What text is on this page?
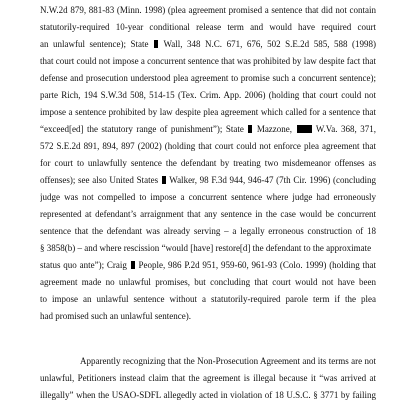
N.W.2d 879, 881-83 (Minn. 1998) (plea agreement promised a sentence that did not contain
statutorily-required 10-year conditional release term and would have required court
an unlawful sentence); State  Wall, 348 N.C. 671, 676, 502 S.E.2d 585, 588 (1998)
that court could not impose a concurrent sentence that was prohibited by law despite fact that
defense and prosecution understood plea agreement to promise such a concurrent sentence);
parte Rich, 194 S.W.3d 508, 514-15 (Tex. Crim. App. 2006) (holding that court could not
impose a sentence prohibited by law despite plea agreement which called for a sentence that
“exceed[ed] the statutory range of punishment”); State  Mazzone,  W.Va. 368, 371,
572 S.E.2d 891, 894, 897 (2002) (holding that court could not enforce plea agreement that
for court to unlawfully sentence the defendant by treating two misdemeanor offenses as
offenses); see also United States  Walker, 98 F.3d 944, 946-47 (7th Cir. 1996) (concluding
judge was not compelled to impose a concurrent sentence where judge had erroneously
represented at defendant’s arraignment that any sentence in the case would be concurrent
sentence that the defendant was already serving – a legally erroneous construction of 18
§ 3858(b) – and where rescission “would [have] restore[d] the defendant to the approximate
status quo ante”); Craig  People, 986 P.2d 951, 959-60, 961-93 (Colo. 1999) (holding that
agreement made no unlawful promises, but concluding that court would not have been
to impose an unlawful sentence without a statutorily-required parole term if the plea
had promised such an unlawful sentence).
Apparently recognizing that the Non-Prosecution Agreement and its terms are not
unlawful, Petitioners instead claim that the agreement is illegal because it “was arrived at
illegally” when the USAO-SDFL allegedly acted in violation of 18 U.S.C. § 3771 by failing
